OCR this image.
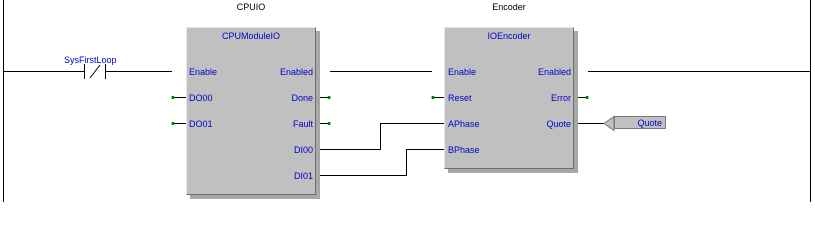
CPUIO	Encoder
SysFirstLoop
CPUModuleIO
Enable
DO00
DO01
Enabled
Done
Fault
DI00
DI01
IOEncoder
Enable
Reset
APhase
BPhase
Enabled
Error
Quote	Quote
